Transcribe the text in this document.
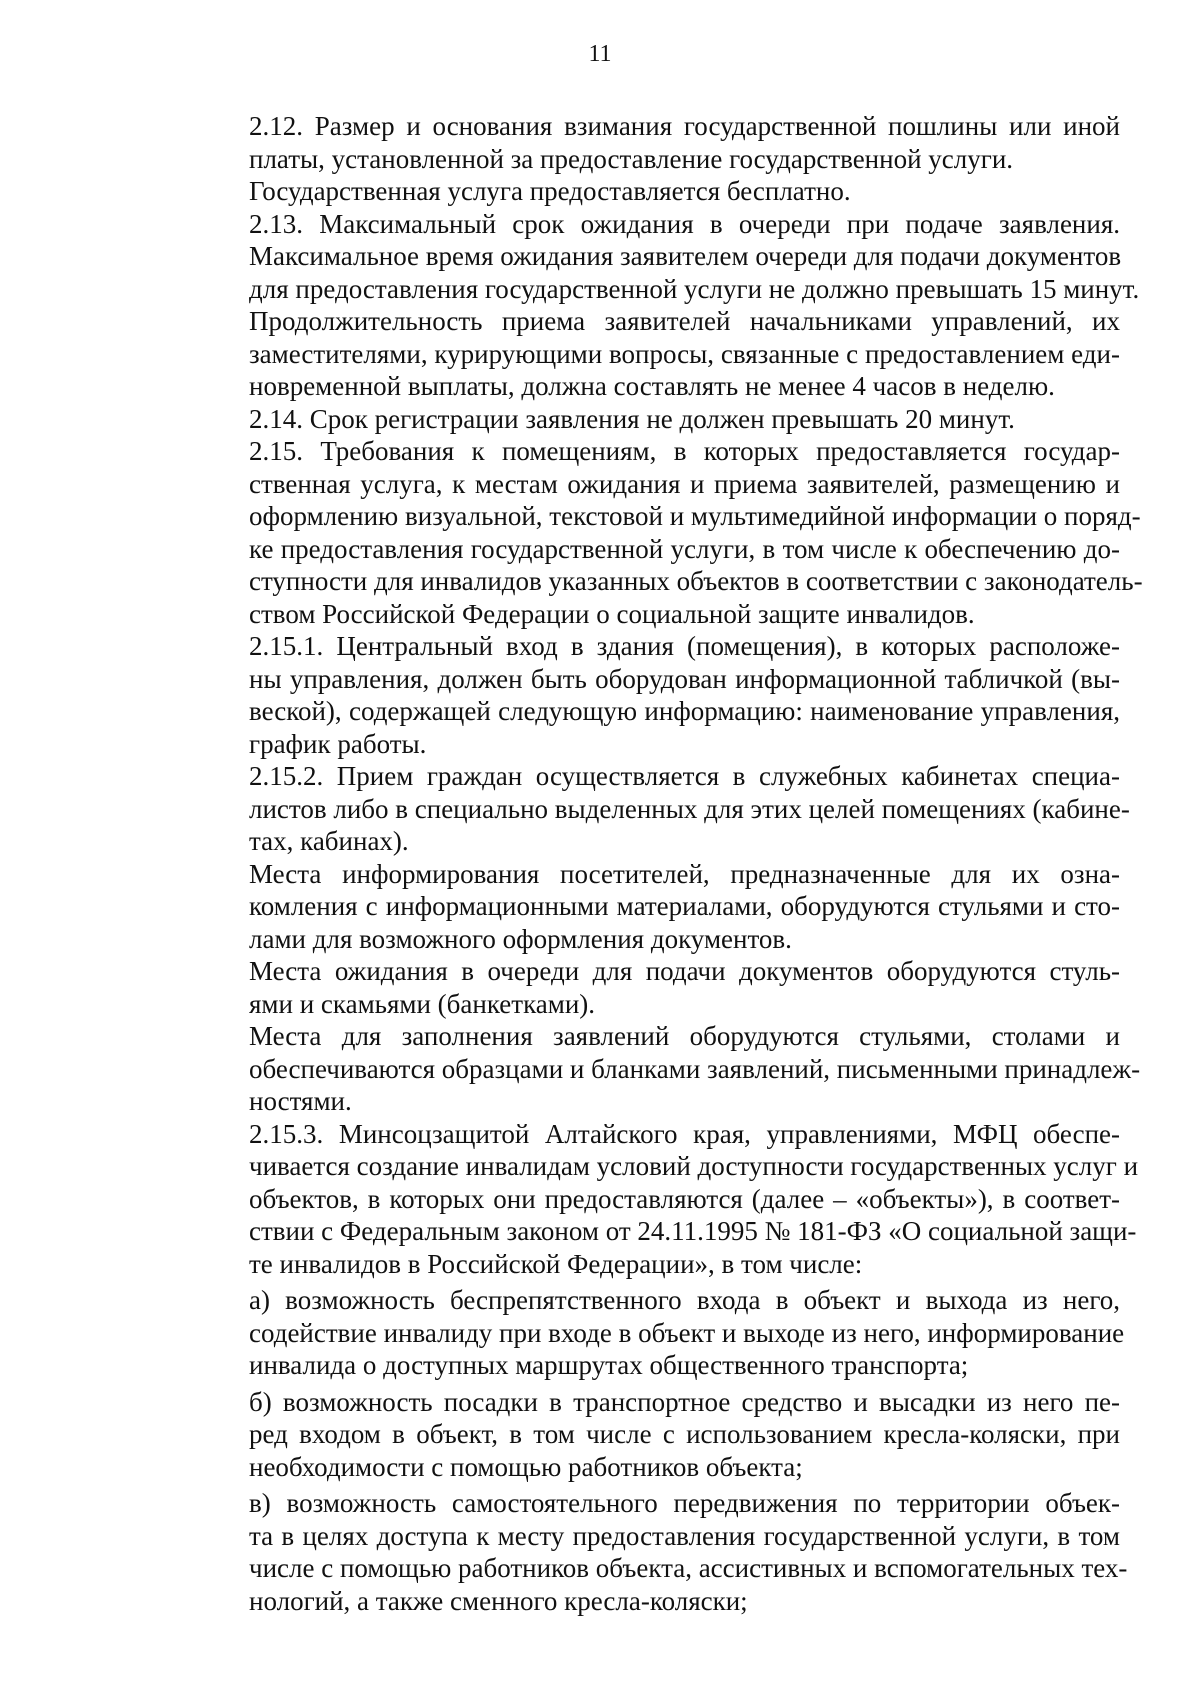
11
2.12. Размер и основания взимания государственной пошлины или иной
платы, установленной за предоставление государственной услуги.
Государственная услуга предоставляется бесплатно.
2.13. Максимальный срок ожидания в очереди при подаче заявления.
Максимальное время ожидания заявителем очереди для подачи документов
для предоставления государственной услуги не должно превышать 15 минут.
Продолжительность приема заявителей начальниками управлений, их
заместителями, курирующими вопросы, связанные с предоставлением еди-
новременной выплаты, должна составлять не менее 4 часов в неделю.
2.14. Срок регистрации заявления не должен превышать 20 минут.
2.15. Требования к помещениям, в которых предоставляется государ-
ственная услуга, к местам ожидания и приема заявителей, размещению и
оформлению визуальной, текстовой и мультимедийной информации о поряд-
ке предоставления государственной услуги, в том числе к обеспечению до-
ступности для инвалидов указанных объектов в соответствии с законодатель-
ством Российской Федерации о социальной защите инвалидов.
2.15.1. Центральный вход в здания (помещения), в которых расположе-
ны управления, должен быть оборудован информационной табличкой (вы-
веской), содержащей следующую информацию: наименование управления,
график работы.
2.15.2. Прием граждан осуществляется в служебных кабинетах специа-
листов либо в специально выделенных для этих целей помещениях (кабине-
тах, кабинах).
Места информирования посетителей, предназначенные для их озна-
комления с информационными материалами, оборудуются стульями и сто-
лами для возможного оформления документов.
Места ожидания в очереди для подачи документов оборудуются стуль-
ями и скамьями (банкетками).
Места для заполнения заявлений оборудуются стульями, столами и
обеспечиваются образцами и бланками заявлений, письменными принадлеж-
ностями.
2.15.3. Минсоцзащитой Алтайского края, управлениями, МФЦ обеспе-
чивается создание инвалидам условий доступности государственных услуг и
объектов, в которых они предоставляются (далее – «объекты»), в соответ-
ствии с Федеральным законом от 24.11.1995 № 181-ФЗ «О социальной защи-
те инвалидов в Российской Федерации», в том числе:
а) возможность беспрепятственного входа в объект и выхода из него,
содействие инвалиду при входе в объект и выходе из него, информирование
инвалида о доступных маршрутах общественного транспорта;
б) возможность посадки в транспортное средство и высадки из него пе-
ред входом в объект, в том числе с использованием кресла-коляски, при
необходимости с помощью работников объекта;
в) возможность самостоятельного передвижения по территории объек-
та в целях доступа к месту предоставления государственной услуги, в том
числе с помощью работников объекта, ассистивных и вспомогательных тех-
нологий, а также сменного кресла-коляски;
